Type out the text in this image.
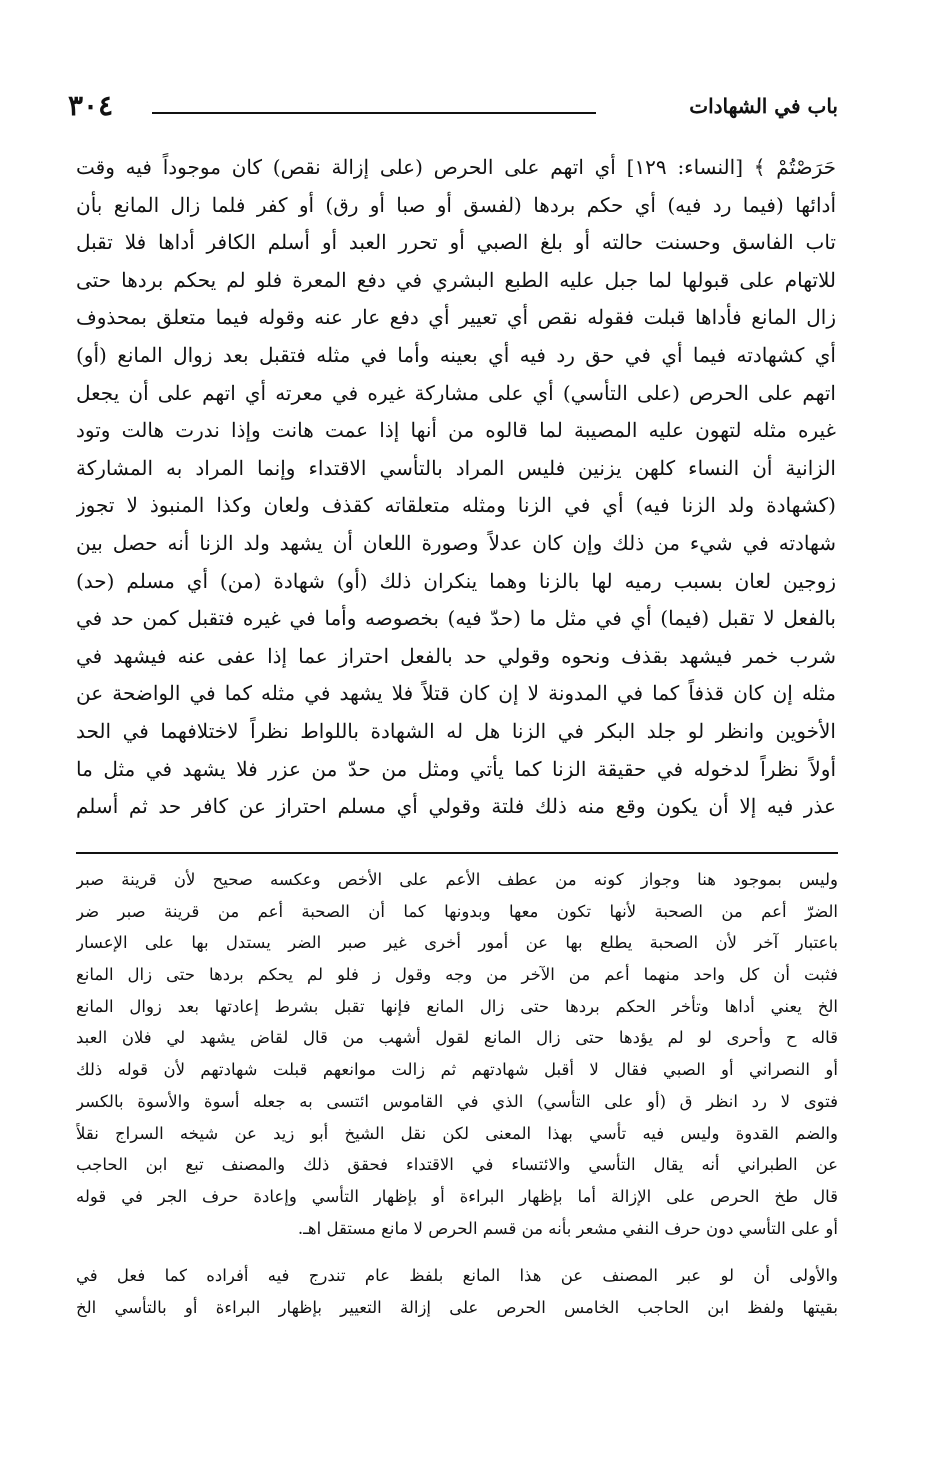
٣٠٤	باب في الشهادات
حَرَصْتُمْ ﴾ [النساء: ١٢٩] أي اتهم على الحرص (على إزالة نقص) كان موجوداً فيه وقت
أدائها (فيما رد فيه) أي حكم بردها (لفسق أو صبا أو رق) أو كفر فلما زال المانع بأن
تاب الفاسق وحسنت حالته أو بلغ الصبي أو تحرر العبد أو أسلم الكافر أداها فلا تقبل
للاتهام على قبولها لما جبل عليه الطبع البشري في دفع المعرة فلو لم يحكم بردها حتى
زال المانع فأداها قبلت فقوله نقص أي تعيير أي دفع عار عنه وقوله فيما متعلق بمحذوف
أي كشهادته فيما أي في حق رد فيه أي بعينه وأما في مثله فتقبل بعد زوال المانع (أو)
اتهم على الحرص (على التأسي) أي على مشاركة غيره في معرته أي اتهم على أن يجعل
غيره مثله لتهون عليه المصيبة لما قالوه من أنها إذا عمت هانت وإذا ندرت هالت وتود
الزانية أن النساء كلهن يزنين فليس المراد بالتأسي الاقتداء وإنما المراد به المشاركة
(كشهادة ولد الزنا فيه) أي في الزنا ومثله متعلقاته كقذف ولعان وكذا المنبوذ لا تجوز
شهادته في شيء من ذلك وإن كان عدلاً وصورة اللعان أن يشهد ولد الزنا أنه حصل بين
زوجين لعان بسبب رميه لها بالزنا وهما ينكران ذلك (أو) شهادة (من) أي مسلم (حد)
بالفعل لا تقبل (فيما) أي في مثل ما (حدّ فيه) بخصوصه وأما في غيره فتقبل كمن حد في
شرب خمر فيشهد بقذف ونحوه وقولي حد بالفعل احتراز عما إذا عفى عنه فيشهد في
مثله إن كان قذفاً كما في المدونة لا إن كان قتلاً فلا يشهد في مثله كما في الواضحة عن
الأخوين وانظر لو جلد البكر في الزنا هل له الشهادة باللواط نظراً لاختلافهما في الحد
أولاً نظراً لدخوله في حقيقة الزنا كما يأتي ومثل من حدّ من عزر فلا يشهد في مثل ما
عذر فيه إلا أن يكون وقع منه ذلك فلتة وقولي أي مسلم احتراز عن كافر حد ثم أسلم
وليس بموجود هنا وجواز كونه من عطف الأعم على الأخص وعكسه صحيح لأن قرينة صبر
الضرّ أعم من الصحبة لأنها تكون معها وبدونها كما أن الصحبة أعم من قرينة صبر ضر
باعتبار آخر لأن الصحبة يطلع بها عن أمور أخرى غير صبر الضر يستدل بها على الإعسار
فثبت أن كل واحد منهما أعم من الآخر من وجه وقول ز فلو لم يحكم بردها حتى زال المانع
الخ يعني أداها وتأخر الحكم بردها حتى زال المانع فإنها تقبل بشرط إعادتها بعد زوال المانع
قاله ح وأحرى لو لم يؤدها حتى زال المانع لقول أشهب من قال لقاض يشهد لي فلان العبد
أو النصراني أو الصبي فقال لا أقبل شهادتهم ثم زالت موانعهم قبلت شهادتهم لأن قوله ذلك
فتوى لا رد انظر ق (أو على التأسي) الذي في القاموس ائتسى به جعله أسوة والأسوة بالكسر
والضم القدوة وليس فيه تأسي بهذا المعنى لكن نقل الشيخ أبو زيد عن شيخه السراج نقلاً
عن الطبراني أنه يقال التأسي والائتساء في الاقتداء فحقق ذلك والمصنف تبع ابن الحاجب
قال طخ الحرص على الإزالة أما بإظهار البراءة أو بإظهار التأسي وإعادة حرف الجر في قوله
أو على التأسي دون حرف النفي مشعر بأنه من قسم الحرص لا مانع مستقل اهـ.
والأولى أن لو عبر المصنف عن هذا المانع بلفظ عام تندرج فيه أفراده كما فعل في
بقيتها ولفظ ابن الحاجب الخامس الحرص على إزالة التعيير بإظهار البراءة أو بالتأسي الخ
